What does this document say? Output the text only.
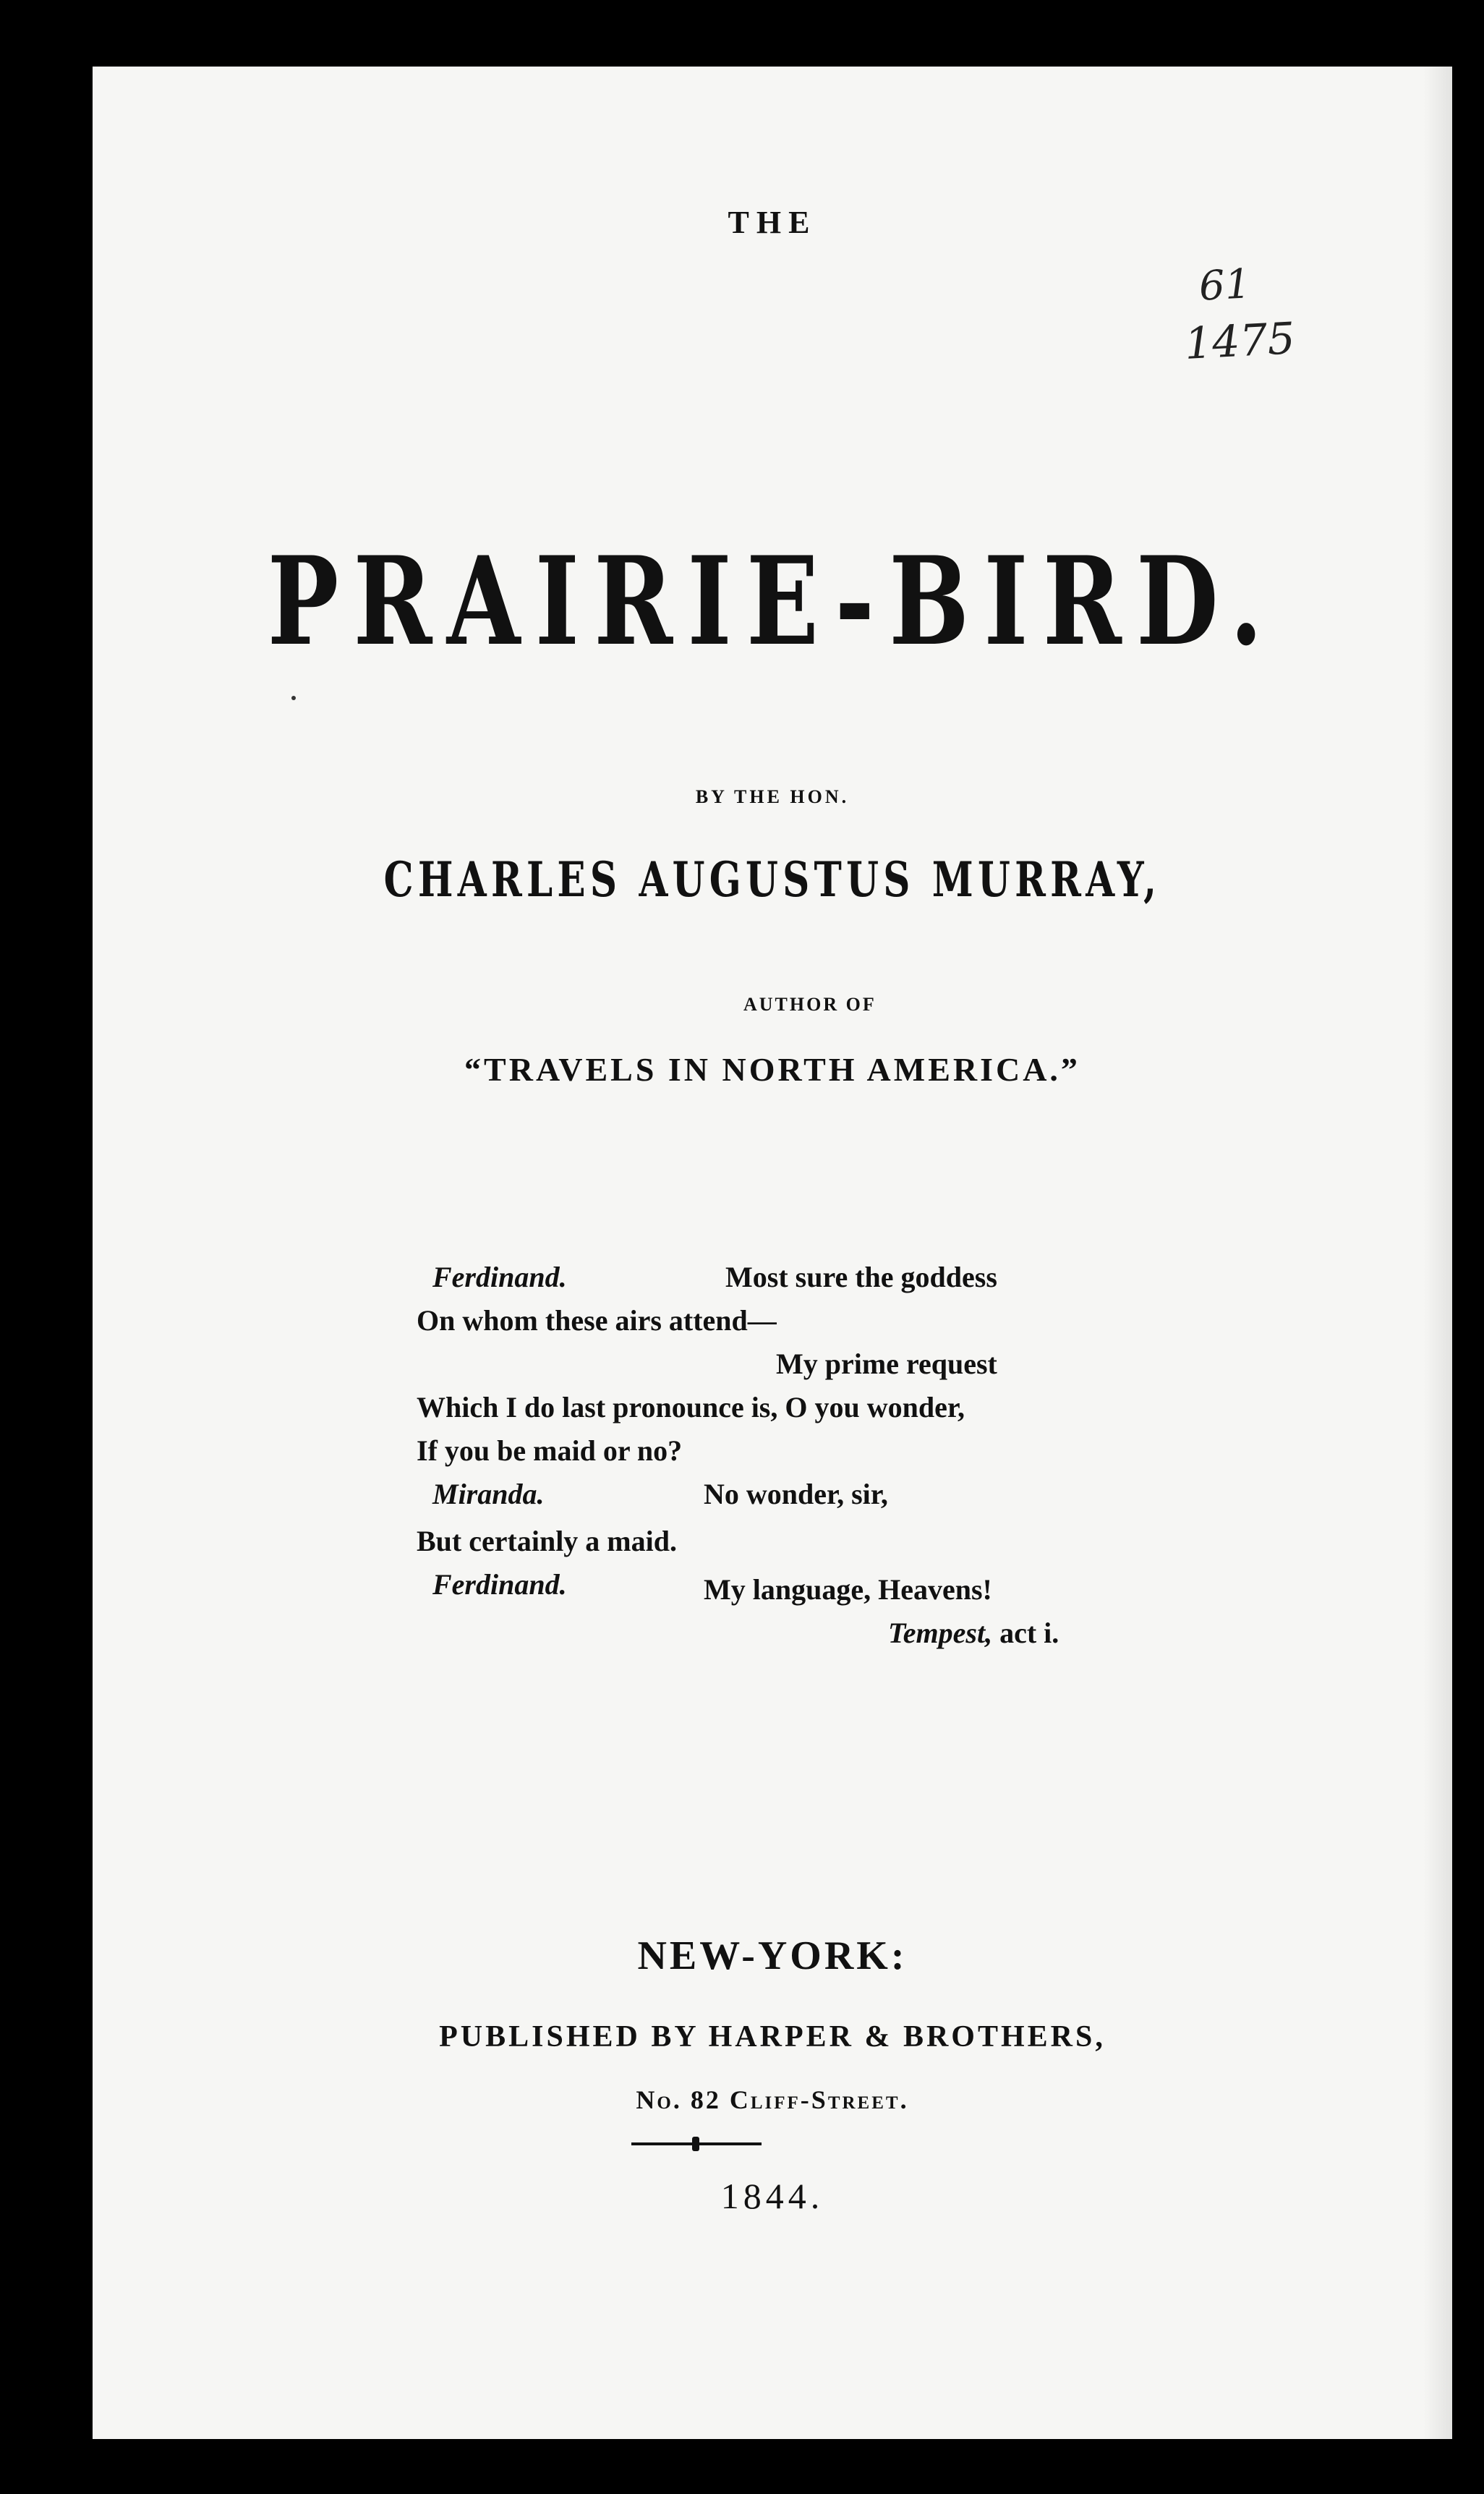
61
1475
THE
PRAIRIE-BIRD.
BY THE HON.
CHARLES AUGUSTUS MURRAY,
AUTHOR OF
“TRAVELS IN NORTH AMERICA.”
Ferdinand.	Most sure the goddess
On whom these airs attend—
My prime request
Which I do last pronounce is, O you wonder,
If you be maid or no?
Miranda.	No wonder, sir,
But certainly a maid.
Ferdinand.	My language, Heavens!
Tempest, act i.
NEW-YORK:
PUBLISHED BY HARPER & BROTHERS,
No. 82 Cliff-Street.
1844.
